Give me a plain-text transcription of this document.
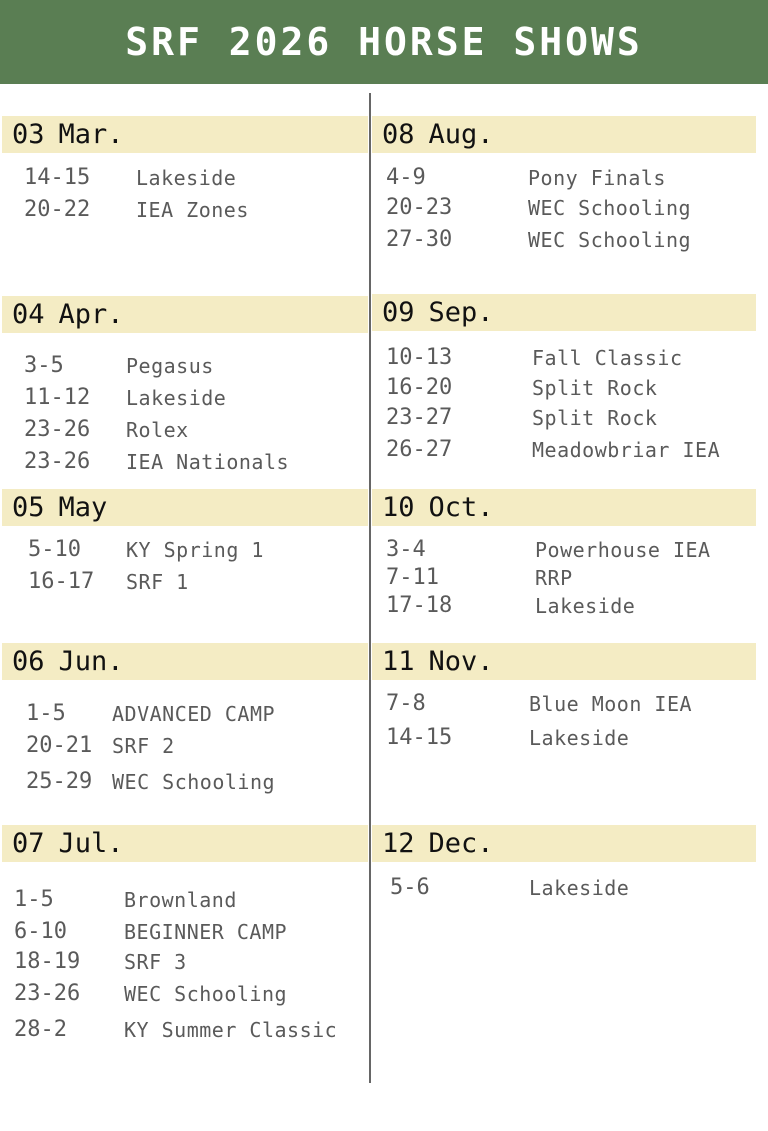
SRF 2026 HORSE SHOWS
03 Mar.
14-15 Lakeside
20-22 IEA Zones
04 Apr.
3-5	Pegasus
11-12 Lakeside
23-26 Rolex
23-26 IEA Nationals
05 May
5-10 KY Spring 1
16-17 SRF 1
06 Jun.
1-5 ADVANCED CAMP
20-21 SRF 2
25-29 WEC Schooling
07 Jul.
1-5	Brownland
6-10	BEGINNER CAMP
18-19 SRF 3
23-26 WEC Schooling
28-2	KY Summer Classic
08 Aug.
4-9	Pony Finals
20-23	WEC Schooling
27-30	WEC Schooling
09 Sep.
10-13	Fall Classic
16-20	Split Rock
23-27	Split Rock
26-27	Meadowbriar IEA
10 Oct.
3-4	Powerhouse IEA
7-11	RRP
17-18	Lakeside
11 Nov.
7-8	Blue Moon IEA
14-15	Lakeside
12 Dec.
5-6	Lakeside
